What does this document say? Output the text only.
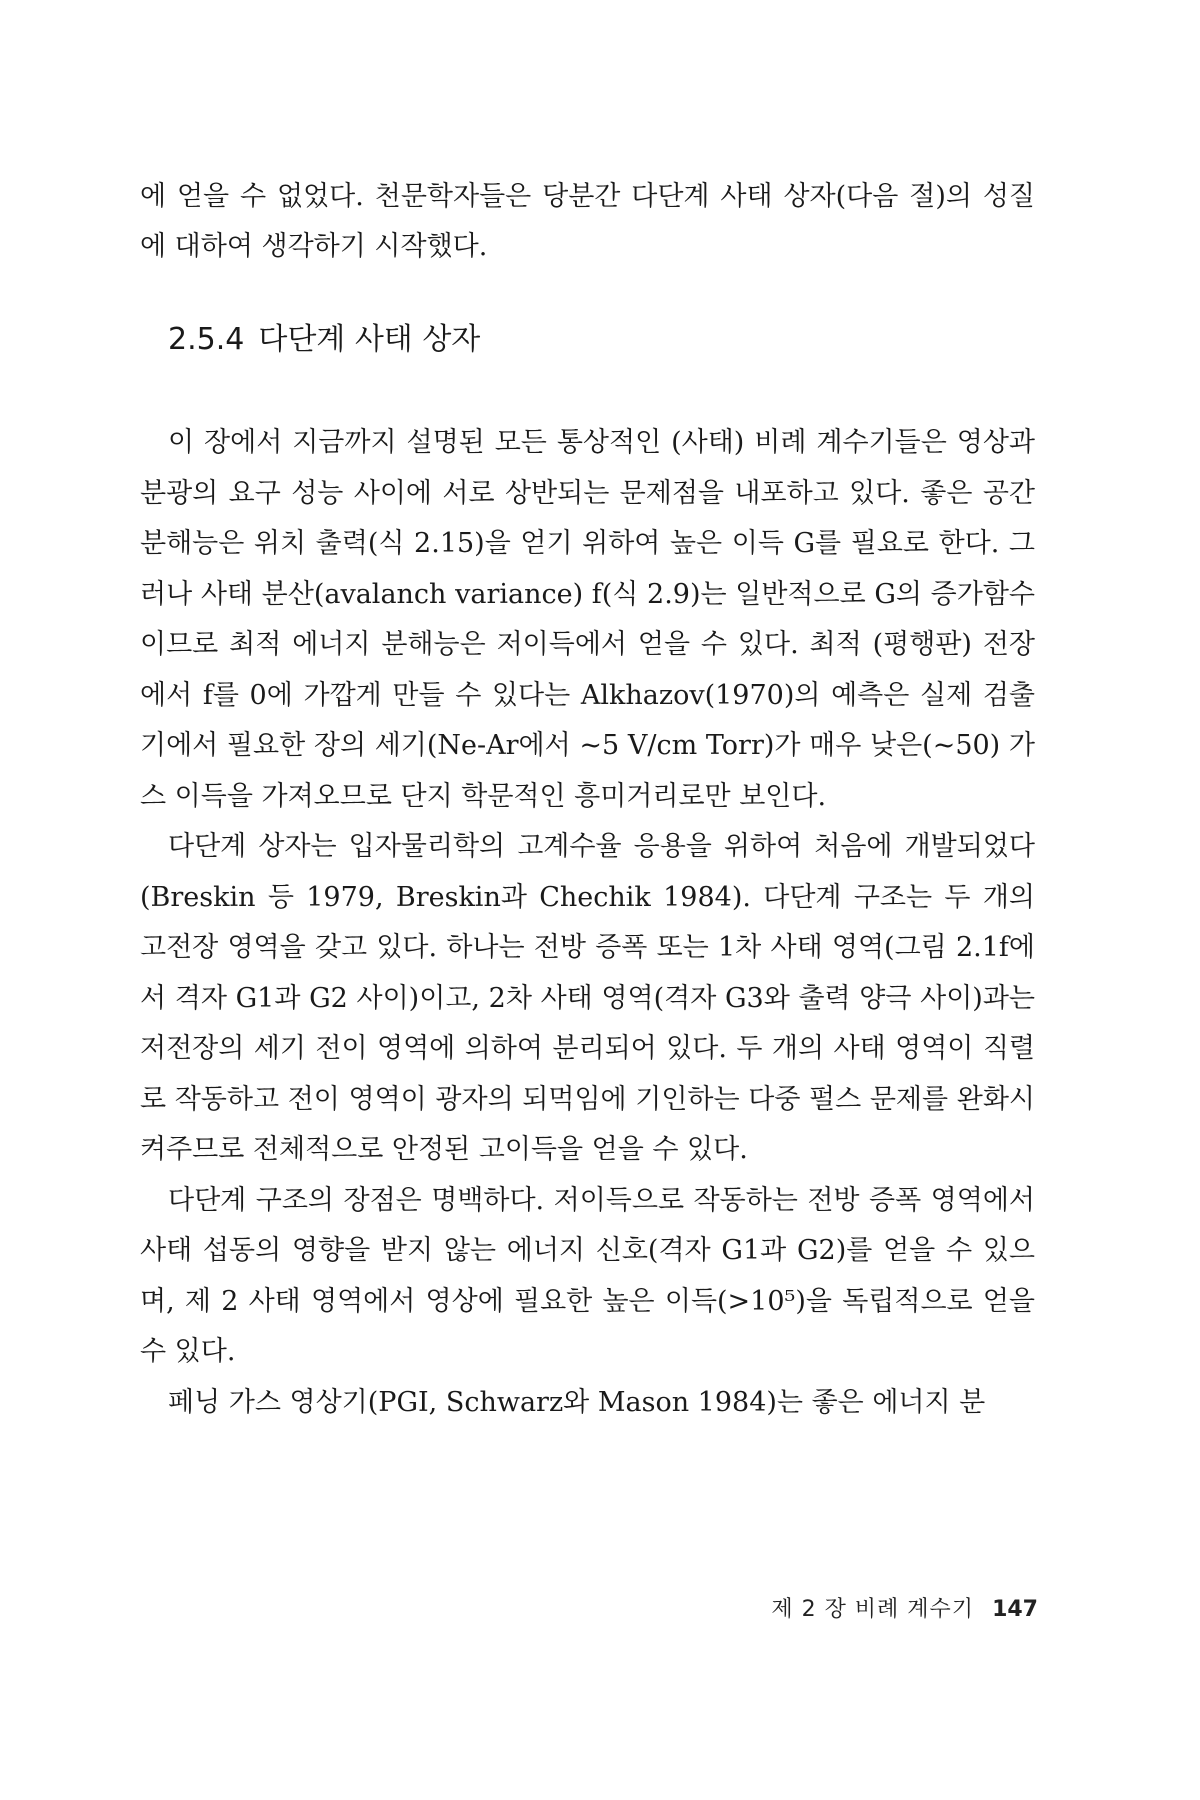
에 얻을 수 없었다. 천문학자들은 당분간 다단계 사태 상자(다음 절)의 성질에 대하여 생각하기 시작했다.

2.5.4 다단계 사태 상자

이 장에서 지금까지 설명된 모든 통상적인 (사태) 비례 계수기들은 영상과 분광의 요구 성능 사이에 서로 상반되는 문제점을 내포하고 있다. 좋은 공간 분해능은 위치 출력(식 2.15)을 얻기 위하여 높은 이득 G를 필요로 한다. 그러나 사태 분산(avalanch variance) f(식 2.9)는 일반적으로 G의 증가함수이므로 최적 에너지 분해능은 저이득에서 얻을 수 있다. 최적 (평행판) 전장에서 f를 0에 가깝게 만들 수 있다는 Alkhazov(1970)의 예측은 실제 검출기에서 필요한 장의 세기(Ne-Ar에서 ~5 V/cm Torr)가 매우 낮은(~50) 가스 이득을 가져오므로 단지 학문적인 흥미거리로만 보인다.

다단계 상자는 입자물리학의 고계수율 응용을 위하여 처음에 개발되었다(Breskin 등 1979, Breskin과 Chechik 1984). 다단계 구조는 두 개의 고전장 영역을 갖고 있다. 하나는 전방 증폭 또는 1차 사태 영역(그림 2.1f에서 격자 G1과 G2 사이)이고, 2차 사태 영역(격자 G3와 출력 양극 사이)과는 저전장의 세기 전이 영역에 의하여 분리되어 있다. 두 개의 사태 영역이 직렬로 작동하고 전이 영역이 광자의 되먹임에 기인하는 다중 펄스 문제를 완화시켜주므로 전체적으로 안정된 고이득을 얻을 수 있다.

다단계 구조의 장점은 명백하다. 저이득으로 작동하는 전방 증폭 영역에서 사태 섭동의 영향을 받지 않는 에너지 신호(격자 G1과 G2)를 얻을 수 있으며, 제 2 사태 영역에서 영상에 필요한 높은 이득(>10⁵)을 독립적으로 얻을 수 있다.

페닝 가스 영상기(PGI, Schwarz와 Mason 1984)는 좋은 에너지 분

제 2 장 비례 계수기 147
